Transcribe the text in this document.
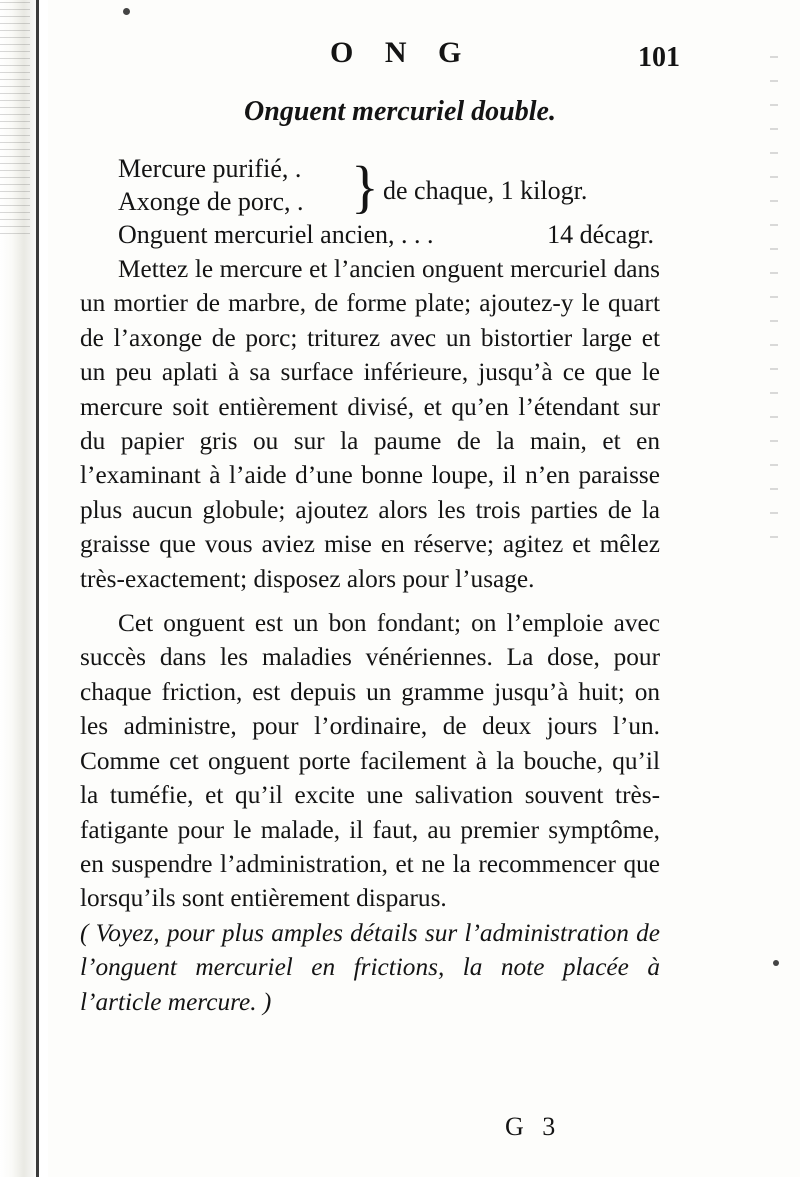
O N G	101
Onguent mercuriel double.
Mercure purifié, .
Axonge de porc, . } de chaque, 1 kilogr.
Onguent mercuriel ancien, . . .	14 décagr.

Mettez le mercure et l’ancien onguent mercuriel dans un mortier de marbre, de forme plate; ajoutez-y le quart de l’axonge de porc; triturez avec un bistortier large et un peu aplati à sa surface inférieure, jusqu’à ce que le mercure soit entièrement divisé, et qu’en l’étendant sur du papier gris ou sur la paume de la main, et en l’examinant à l’aide d’une bonne loupe, il n’en paraisse plus aucun globule; ajoutez alors les trois parties de la graisse que vous aviez mise en réserve; agitez et mêlez très-exactement; disposez alors pour l’usage.

Cet onguent est un bon fondant; on l’emploie avec succès dans les maladies vénériennes. La dose, pour chaque friction, est depuis un gramme jusqu’à huit; on les administre, pour l’ordinaire, de deux jours l’un. Comme cet onguent porte facilement à la bouche, qu’il la tuméfie, et qu’il excite une salivation souvent très-fatigante pour le malade, il faut, au premier symptôme, en suspendre l’administration, et ne la recommencer que lorsqu’ils sont entièrement disparus.

( Voyez, pour plus amples détails sur l’administration de l’onguent mercuriel en frictions, la note placée à l’article mercure. )

G 3
